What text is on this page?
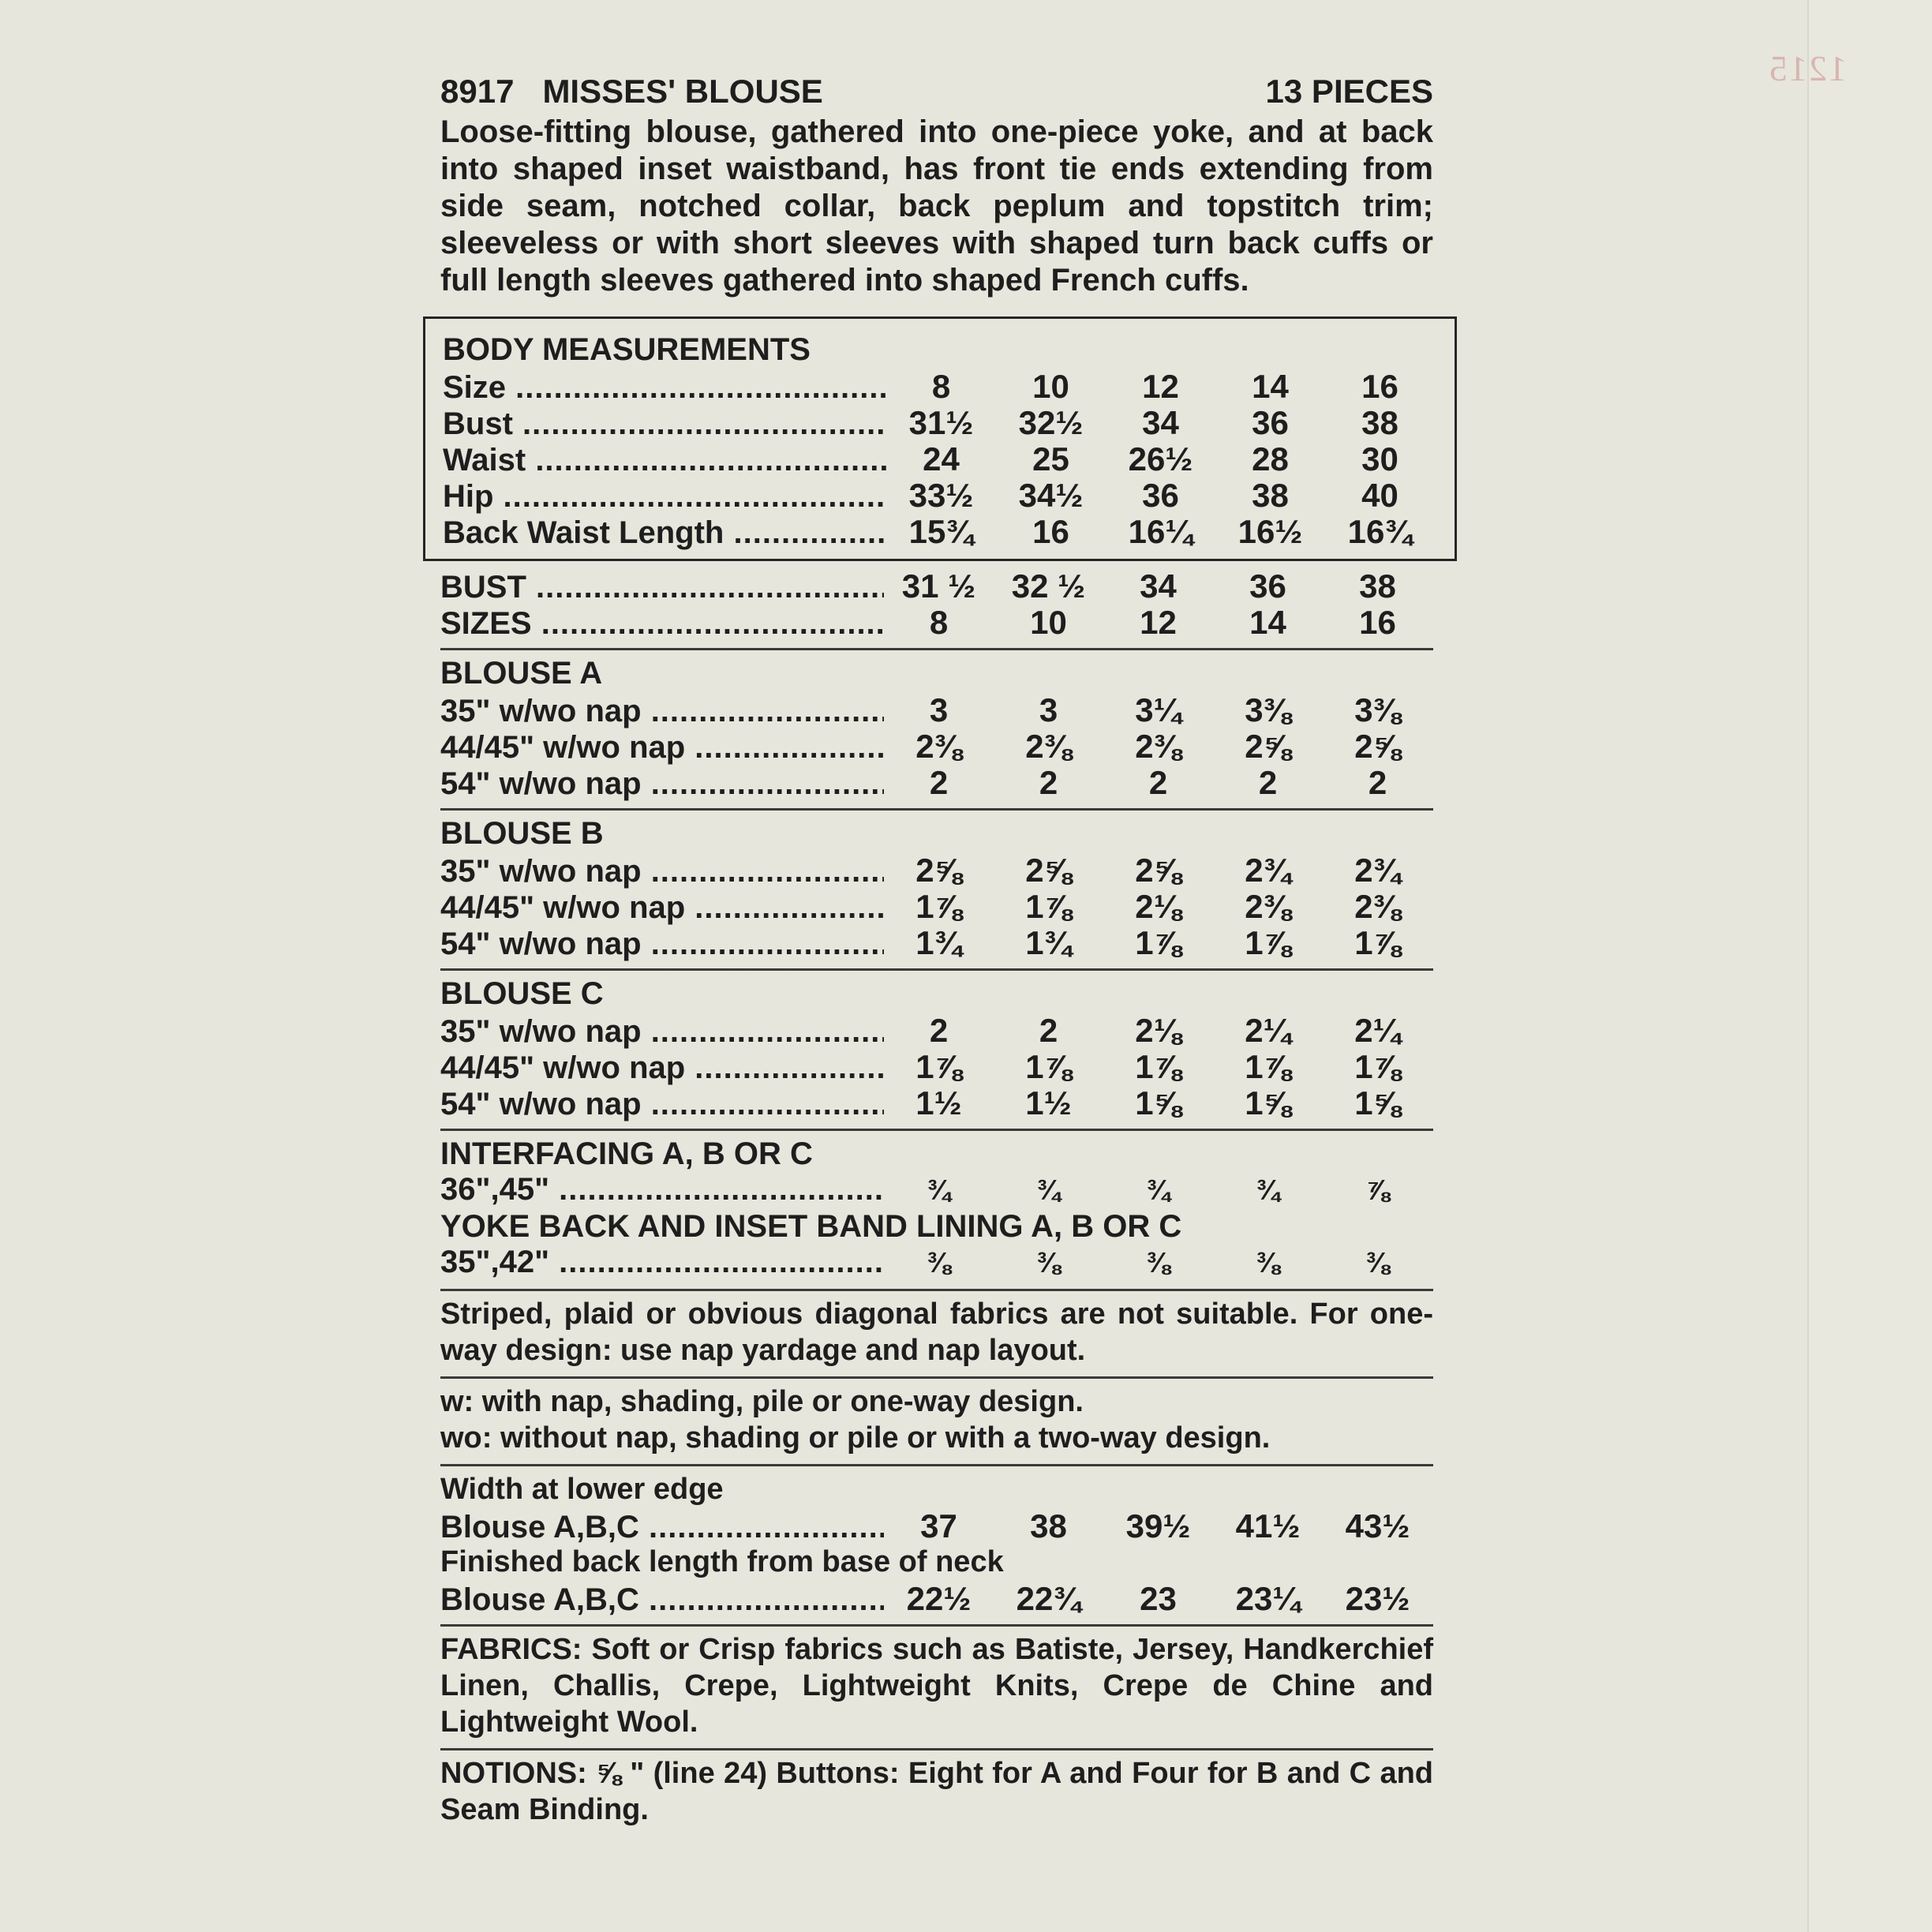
1215
8917 MISSES' BLOUSE	13 PIECES
Loose-fitting blouse, gathered into one-piece yoke, and at back into shaped inset waistband, has front tie ends extending from side seam, notched collar, back peplum and topstitch trim; sleeveless or with short sleeves with shaped turn back cuffs or full length sleeves gathered into shaped French cuffs.
BODY MEASUREMENTS
Size .....	8	10	12	14	16
Bust .....	31½	32½	34	36	38
Waist .....	24	25	26½	28	30
Hip .....	33½	34½	36	38	40
Back Waist Length .....	15¾	16	16¼	16½	16¾
BUST .....	31 ½	32 ½	34	36	38
SIZES .....	8	10	12	14	16
BLOUSE A
35" w/wo nap .....	3	3	3¼	3⅜	3⅜
44/45" w/wo nap .....	2⅜	2⅜	2⅜	2⅝	2⅝
54" w/wo nap .....	2	2	2	2	2
BLOUSE B
35" w/wo nap .....	2⅝	2⅝	2⅝	2¾	2¾
44/45" w/wo nap .....	1⅞	1⅞	2⅛	2⅜	2⅜
54" w/wo nap .....	1¾	1¾	1⅞	1⅞	1⅞
BLOUSE C
35" w/wo nap .....	2	2	2⅛	2¼	2¼
44/45" w/wo nap .....	1⅞	1⅞	1⅞	1⅞	1⅞
54" w/wo nap .....	1½	1½	1⅝	1⅝	1⅝
INTERFACING A, B OR C
36",45" .....	¾	¾	¾	¾	⅞
YOKE BACK AND INSET BAND LINING A, B OR C
35",42" .....	⅜	⅜	⅜	⅜	⅜
Striped, plaid or obvious diagonal fabrics are not suitable. For one-way design: use nap yardage and nap layout.
w: with nap, shading, pile or one-way design.
wo: without nap, shading or pile or with a two-way design.
Width at lower edge
Blouse A,B,C .....	37	38	39½	41½	43½
Finished back length from base of neck
Blouse A,B,C .....	22½	22¾	23	23¼	23½
FABRICS: Soft or Crisp fabrics such as Batiste, Jersey, Handkerchief Linen, Challis, Crepe, Lightweight Knits, Crepe de Chine and Lightweight Wool.
NOTIONS: ⅝ " (line 24) Buttons: Eight for A and Four for B and C and Seam Binding.
